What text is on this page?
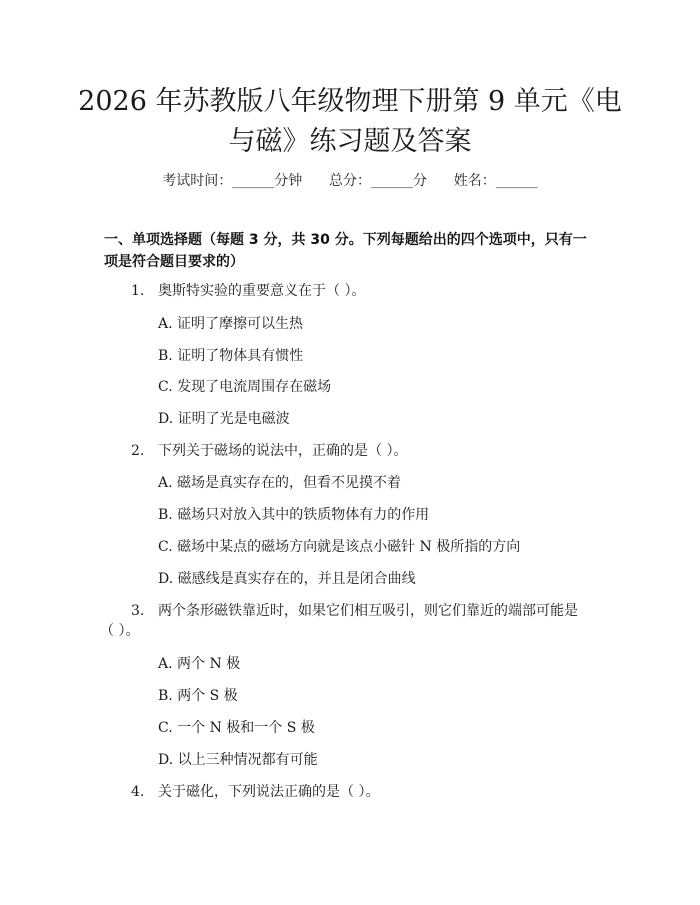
2026 年苏教版八年级物理下册第 9 单元《电
与磁》练习题及答案
考试时间：______分钟      总分：______分      姓名：______
一、单项选择题（每题 3 分，共 30 分。下列每题给出的四个选项中，只有一项是符合题目要求的）
1. 奥斯特实验的重要意义在于（ ）。
A. 证明了摩擦可以生热
B. 证明了物体具有惯性
C. 发现了电流周围存在磁场
D. 证明了光是电磁波
2. 下列关于磁场的说法中，正确的是（ ）。
A. 磁场是真实存在的，但看不见摸不着
B. 磁场只对放入其中的铁质物体有力的作用
C. 磁场中某点的磁场方向就是该点小磁针 N 极所指的方向
D. 磁感线是真实存在的，并且是闭合曲线
3. 两个条形磁铁靠近时，如果它们相互吸引，则它们靠近的端部可能是
（ ）。
A. 两个 N 极
B. 两个 S 极
C. 一个 N 极和一个 S 极
D. 以上三种情况都有可能
4. 关于磁化，下列说法正确的是（ ）。
